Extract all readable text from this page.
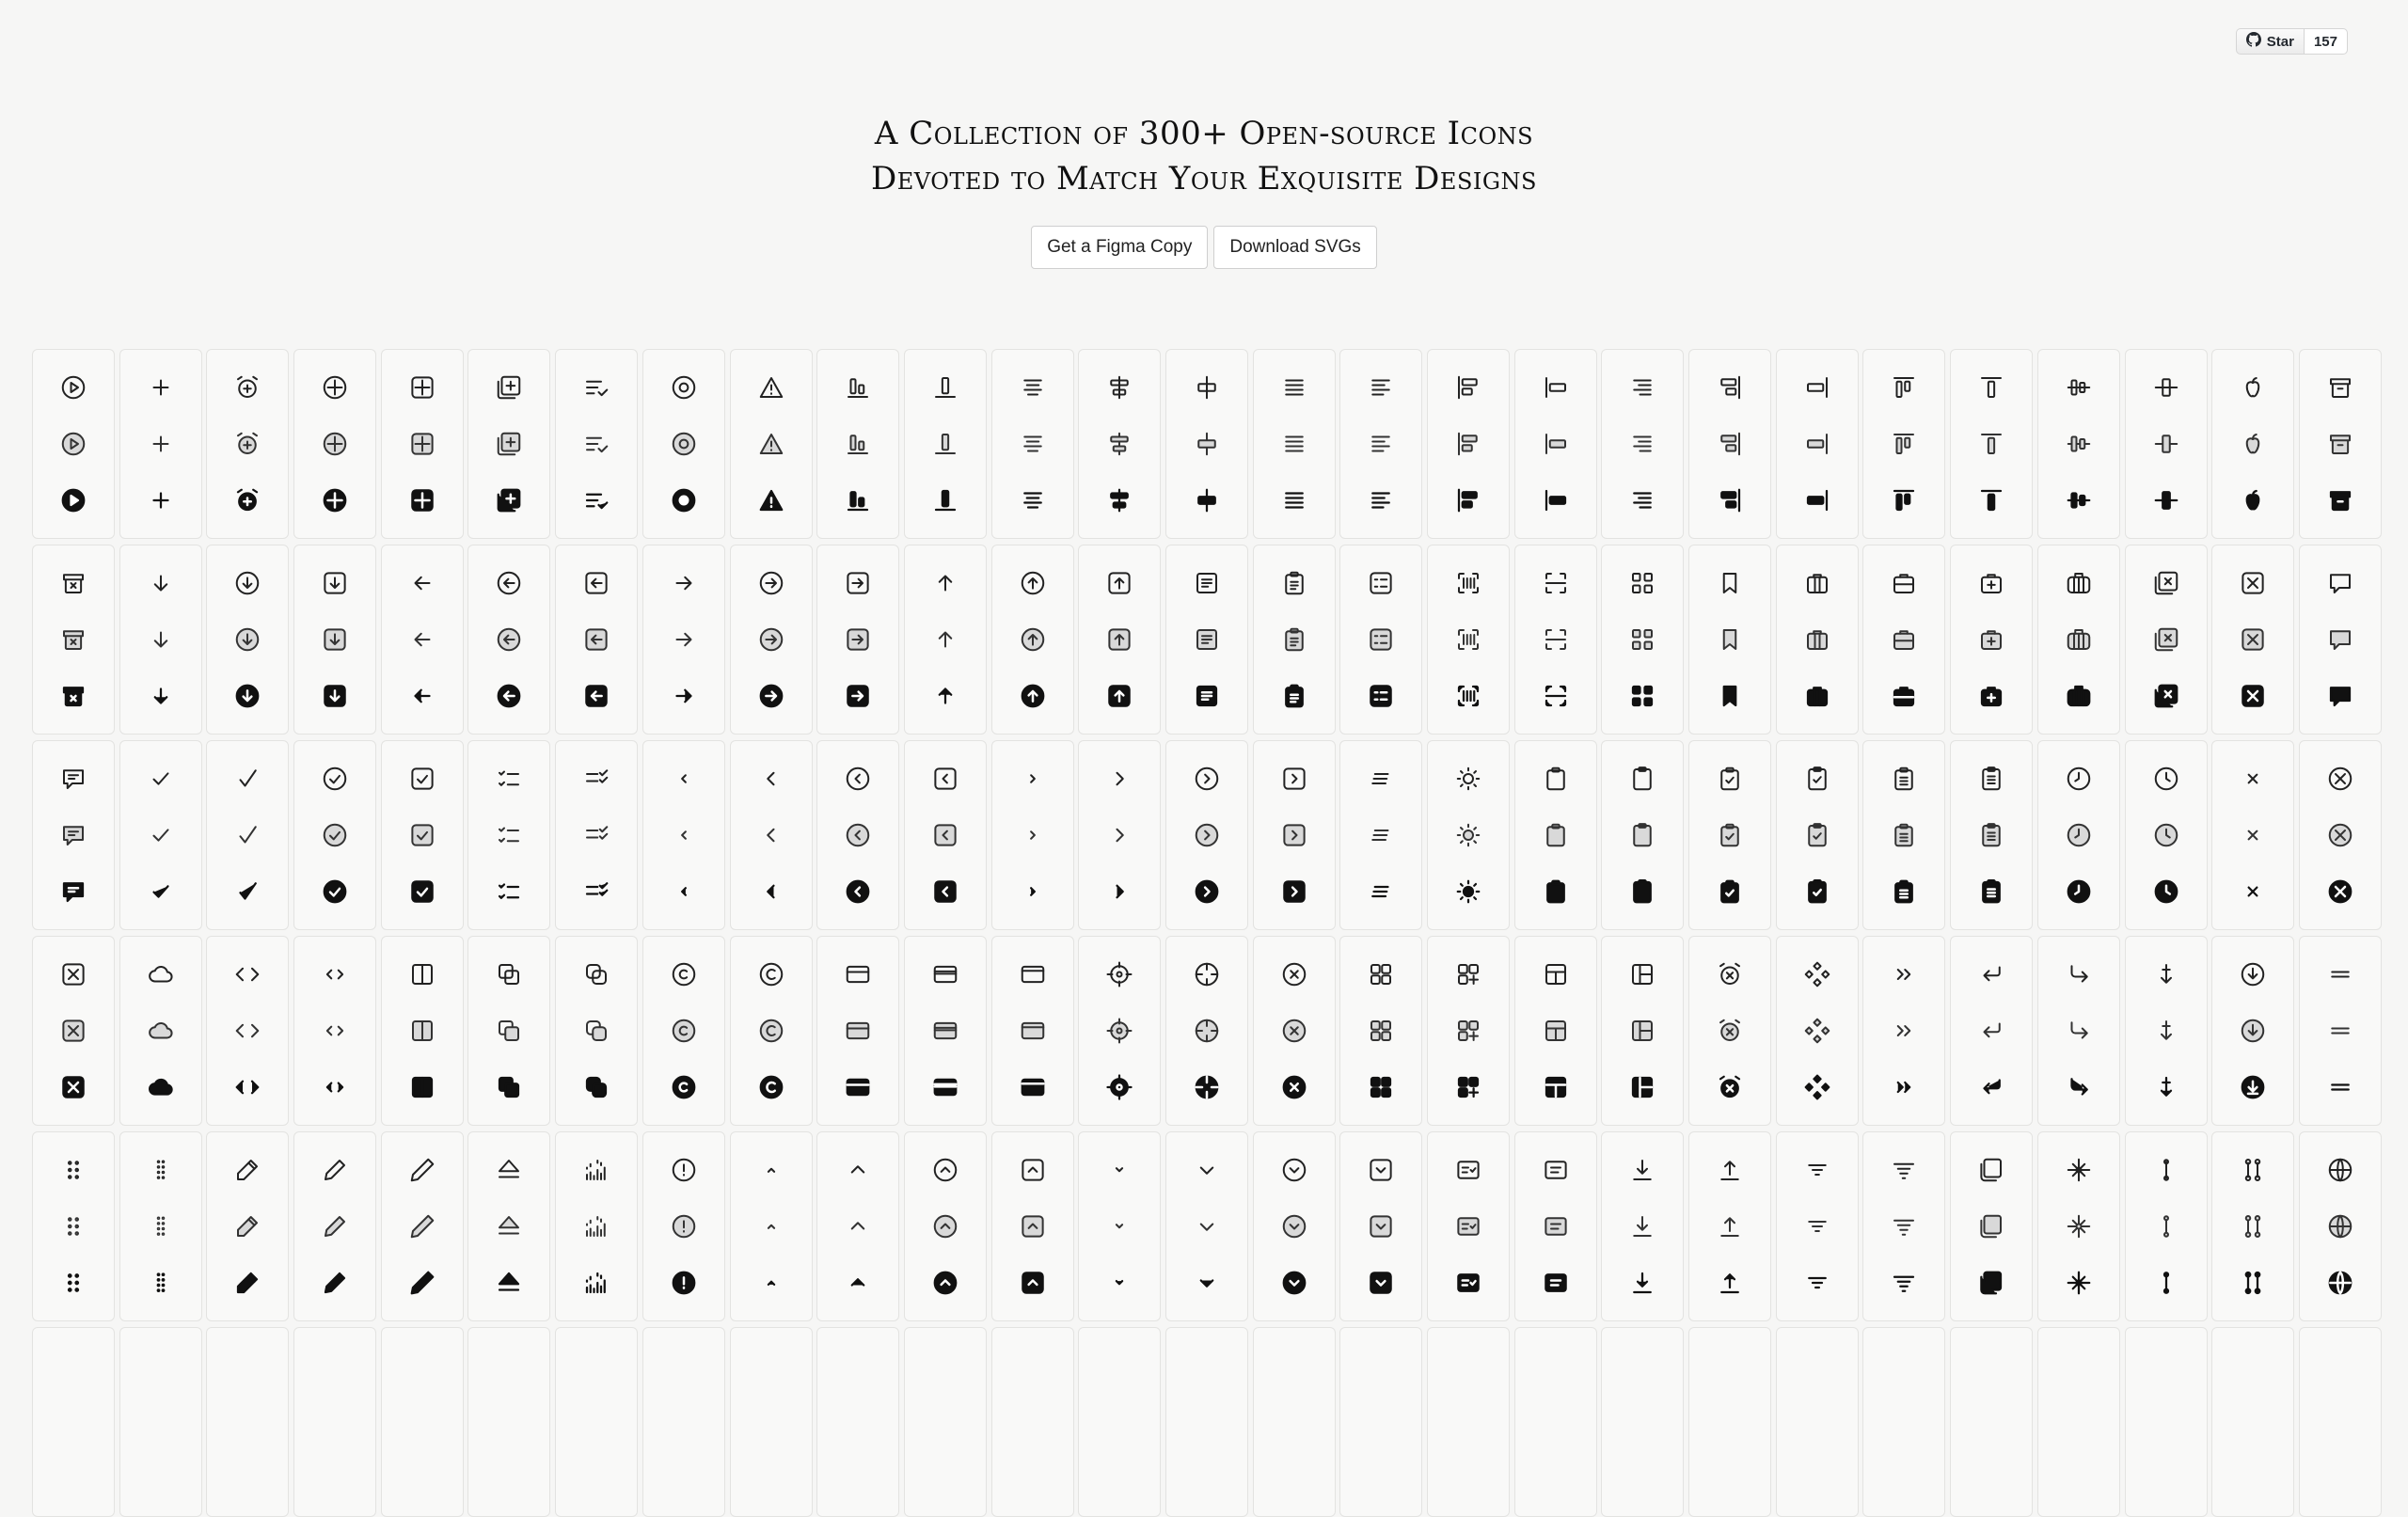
Star	157
A Collection of 300+ Open-source Icons
Devoted to Match Your Exquisite Designs
Get a Figma Copy	Download SVGs
